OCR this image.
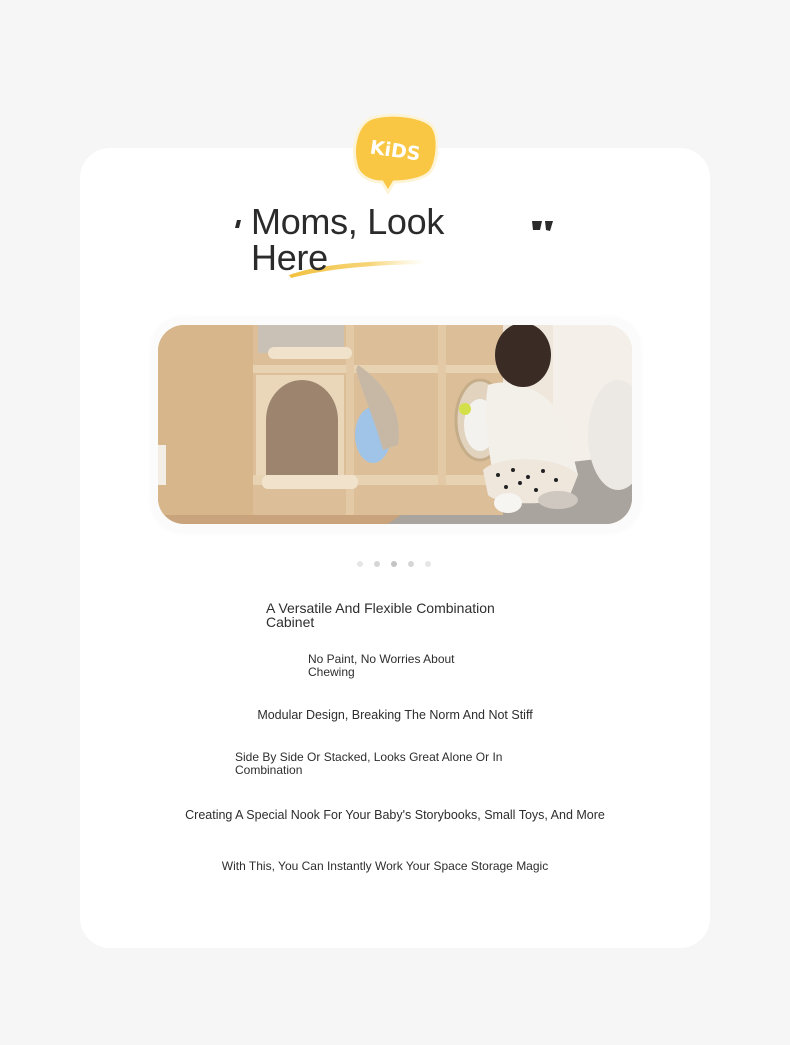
KiDS
Moms, Look
Here
A Versatile And Flexible Combination Cabinet
No Paint, No Worries About Chewing
Modular Design, Breaking The Norm And Not Stiff
Side By Side Or Stacked, Looks Great Alone Or In Combination
Creating A Special Nook For Your Baby's Storybooks, Small Toys, And More
With This, You Can Instantly Work Your Space Storage Magic
